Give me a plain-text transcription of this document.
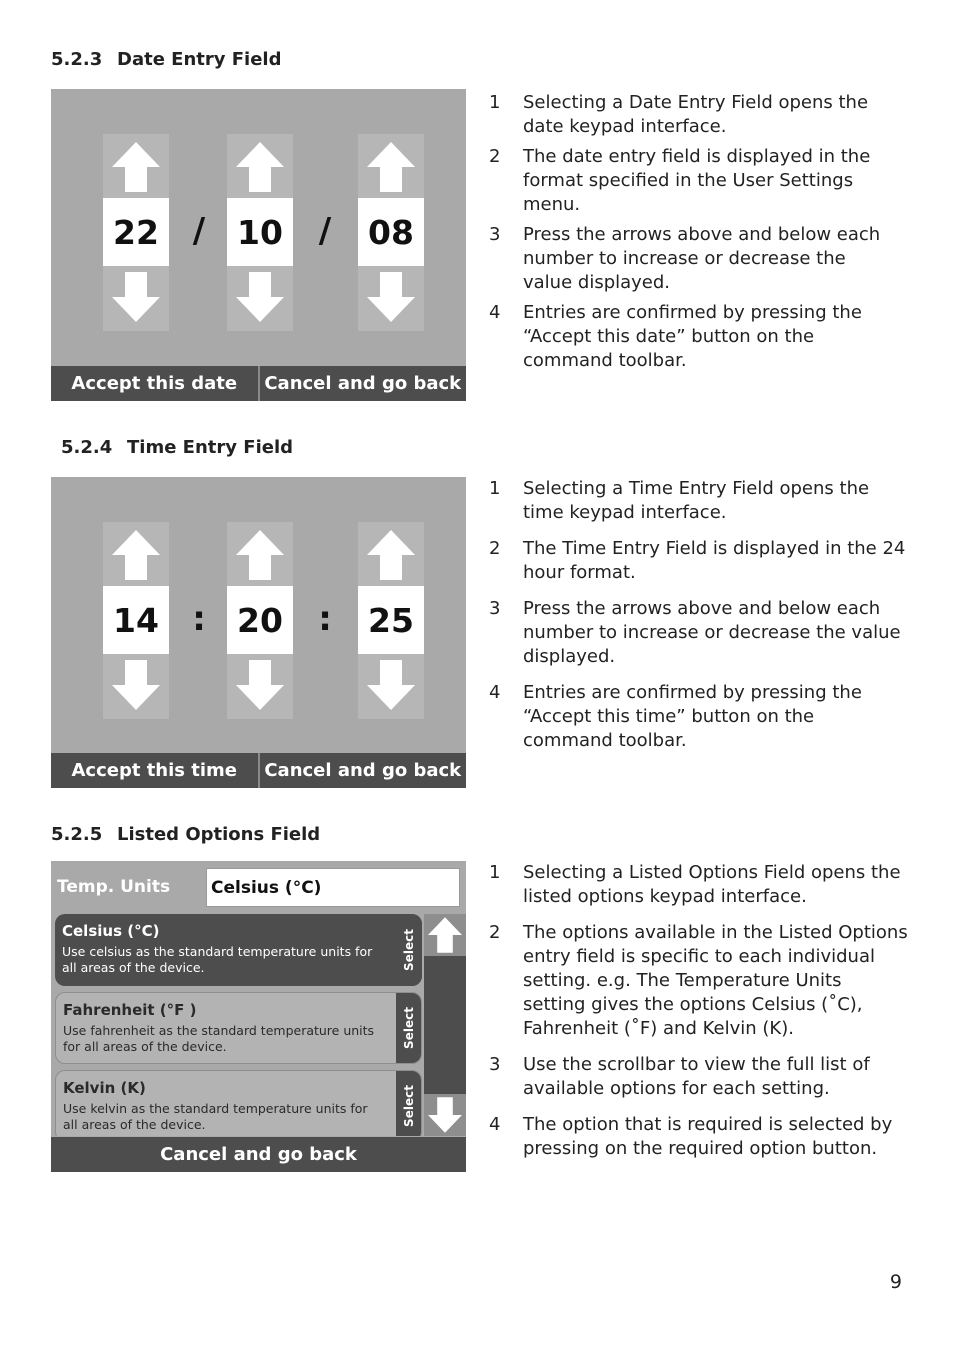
5.2.3 Date Entry Field
22 / 10 /	08
Accept this date	Cancel and go back
1 Selecting a Date Entry Field opens the date keypad interface.
2 The date entry field is displayed in the format specified in the User Settings menu.
3 Press the arrows above and below each number to increase or decrease the value displayed.
4 Entries are confirmed by pressing the “Accept this date” button on the command toolbar.
5.2.4 Time Entry Field
14 : 20 :	25
Accept this time	Cancel and go back
1 Selecting a Time Entry Field opens the time keypad interface.
2 The Time Entry Field is displayed in the 24 hour format.
3 Press the arrows above and below each number to increase or decrease the value displayed.
4 Entries are confirmed by pressing the “Accept this time” button on the command toolbar.
5.2.5 Listed Options Field
Temp. Units Celsius (°C)
Celsius (°C)
Use celsius as the standard temperature units for all areas of the device.	Select
Fahrenheit (°F )
Use fahrenheit as the standard temperature units for all areas of the device.	Select
Kelvin (K)
Use kelvin as the standard temperature units for all areas of the device.	Select
Cancel and go back
1 Selecting a Listed Options Field opens the listed options keypad interface.
2 The options available in the Listed Options entry field is specific to each individual setting. e.g. The Temperature Units setting gives the options Celsius (˚C), Fahrenheit (˚F) and Kelvin (K).
3 Use the scrollbar to view the full list of available options for each setting.
4 The option that is required is selected by pressing on the required option button.
9
